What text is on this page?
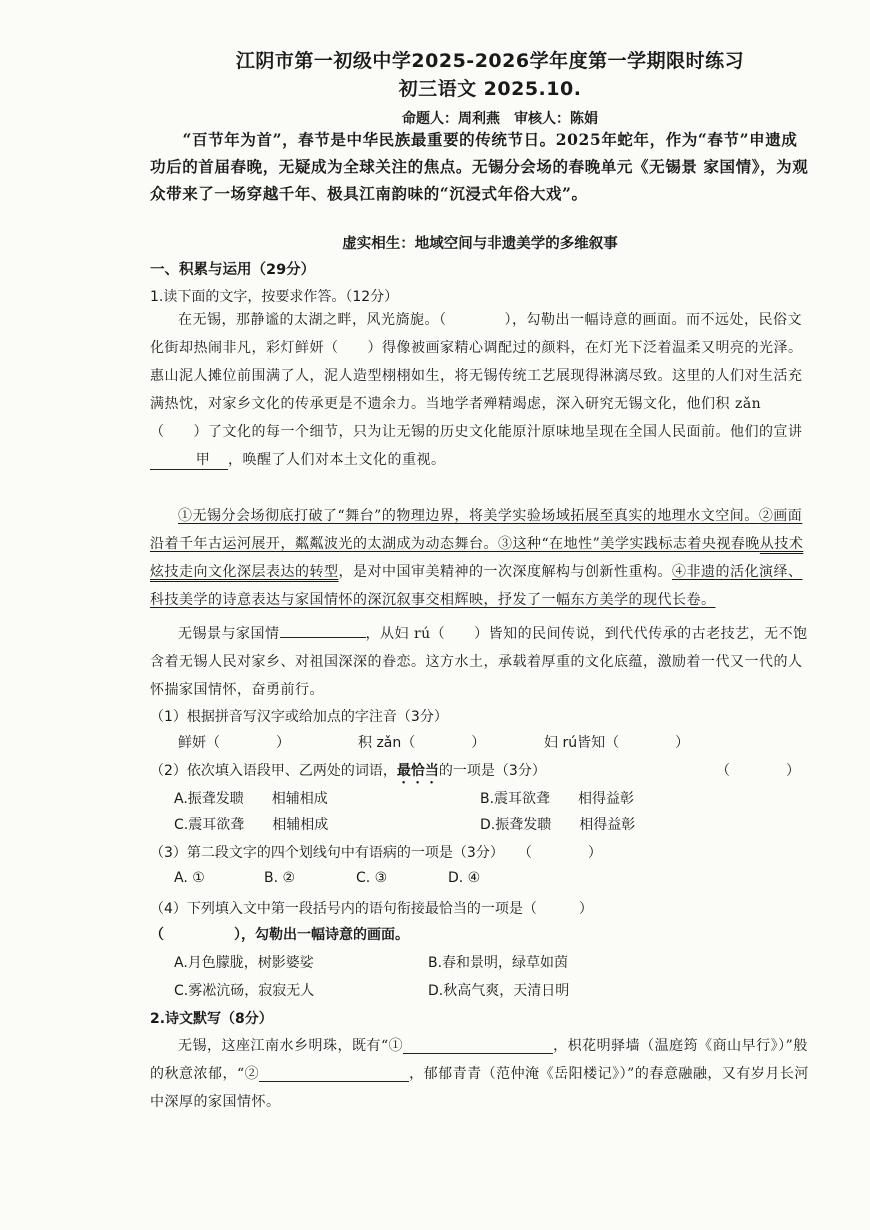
江阴市第一初级中学2025-2026学年度第一学期限时练习
初三语文 2025.10.
命题人：周利燕　审核人：陈娟
“百节年为首”，春节是中华民族最重要的传统节日。2025年蛇年，作为“春节”申遗成功后的首届春晚，无疑成为全球关注的焦点。无锡分会场的春晚单元《无锡景 家国情》，为观众带来了一场穿越千年、极具江南韵味的“沉浸式年俗大戏”。
虚实相生：地域空间与非遗美学的多维叙事
一、积累与运用（29分）
1.读下面的文字，按要求作答。（12分）
在无锡，那静谧的太湖之畔，风光旖旎。（　　　　），勾勒出一幅诗意的画面。而不远处，民俗文化街却热闹非凡，彩灯鲜妍（　　）得像被画家精心调配过的颜料，在灯光下泛着温柔又明亮的光泽。惠山泥人摊位前围满了人，泥人造型栩栩如生，将无锡传统工艺展现得淋漓尽致。这里的人们对生活充满热忱，对家乡文化的传承更是不遗余力。当地学者殚精竭虑，深入研究无锡文化，他们积 zǎn（　　）了文化的每一个细节，只为让无锡的历史文化能原汁原味地呈现在全国人民面前。他们的宣讲甲 ，唤醒了人们对本土文化的重视。
①无锡分会场彻底打破了“舞台”的物理边界，将美学实验场域拓展至真实的地理水文空间。②画面沿着千年古运河展开，粼粼波光的太湖成为动态舞台。③这种“在地性”美学实践标志着央视春晚从技术炫技走向文化深层表达的转型，是对中国审美精神的一次深度解构与创新性重构。④非遗的活化演绎、科技美学的诗意表达与家国情怀的深沉叙事交相辉映，抒发了一幅东方美学的现代长卷。
无锡景与家国情	，从妇 rú（　　）皆知的民间传说，到代代传承的古老技艺，无不饱含着无锡人民对家乡、对祖国深深的眷恋。这方水土，承载着厚重的文化底蕴，激励着一代又一代的人怀揣家国情怀，奋勇前行。
（1）根据拼音写汉字或给加点的字注音（3分）
鲜妍（　　　　）	积 zǎn（　　　　）	妇 rú皆知（　　　　）
（2）依次填入语段甲、乙两处的词语，最恰当的一项是（3分）	（　　　　）
A.振聋发聩　　相辅相成	B.震耳欲聋　　相得益彰
C.震耳欲聋　　相辅相成	D.振聋发聩　　相得益彰
（3）第二段文字的四个划线句中有语病的一项是（3分）　　（　　　　）
A. ①	B. ②	C. ③	D. ④
（4）下列填入文中第一段括号内的语句衔接最恰当的一项是（　　　）
（　　　　　），勾勒出一幅诗意的画面。
A.月色朦胧，树影婆娑	B.春和景明，绿草如茵
C.雾凇沆砀，寂寂无人	D.秋高气爽，天清日明
2.诗文默写（8分）
无锡，这座江南水乡明珠，既有“①	，枳花明驿墙（温庭筠《商山早行》）”般的秋意浓郁，“②	，郁郁青青（范仲淹《岳阳楼记》）”的春意融融，又有岁月长河中深厚的家国情怀。
